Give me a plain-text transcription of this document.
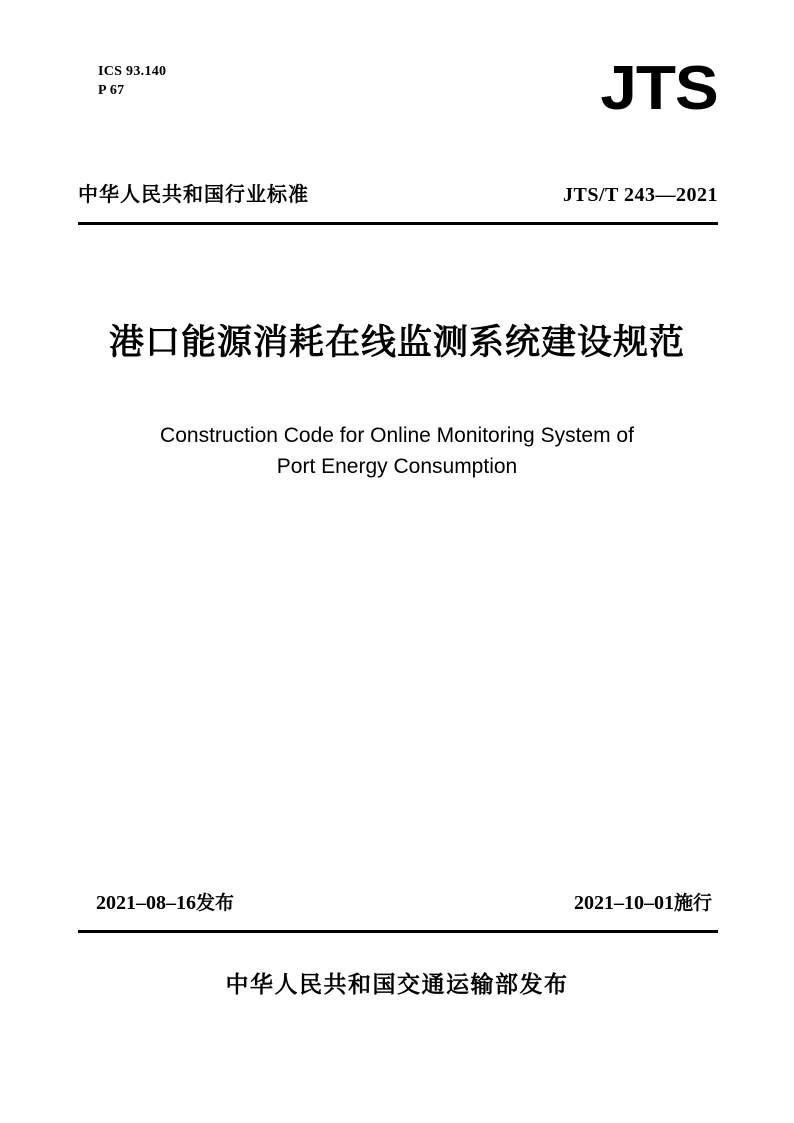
ICS 93.140
P 67	JTS
中华人民共和国行业标准	JTS/T 243—2021
港口能源消耗在线监测系统建设规范
Construction Code for Online Monitoring System of
Port Energy Consumption
2021–08–16发布	2021–10–01施行
中华人民共和国交通运输部发布
